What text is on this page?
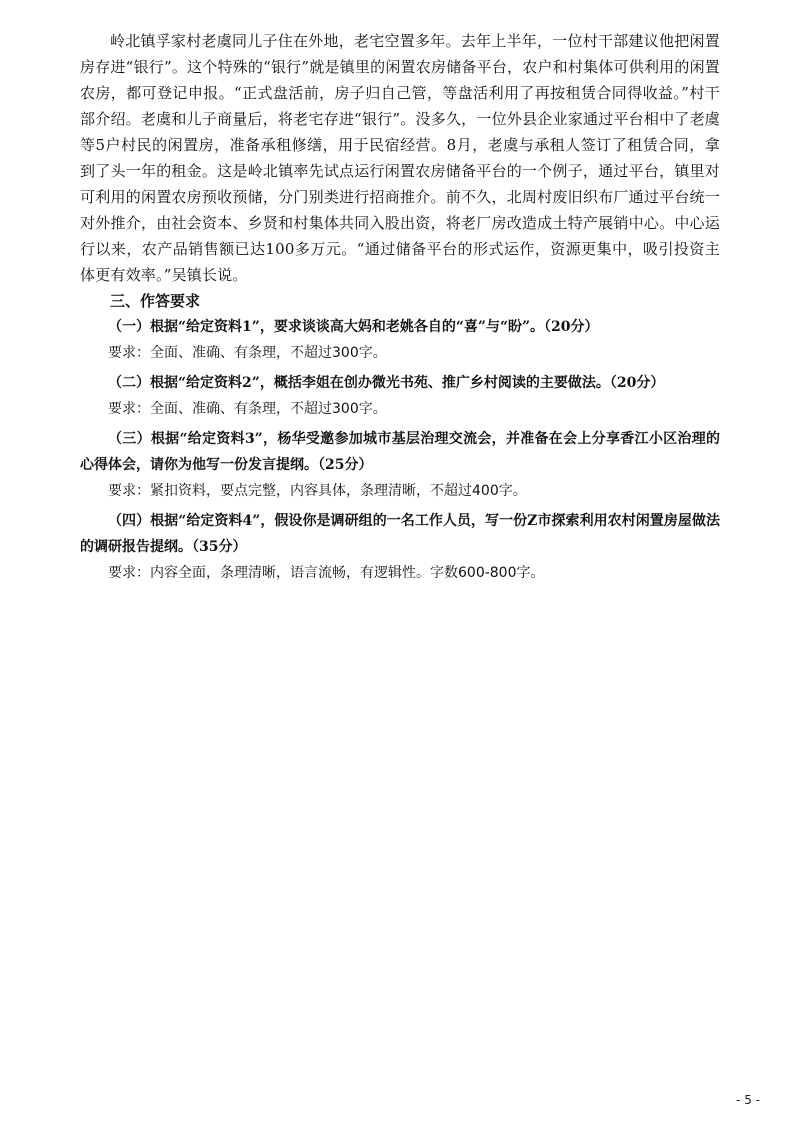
岭北镇孚家村老虞同儿子住在外地，老宅空置多年。去年上半年，一位村干部建议他把闲置房存进“银行”。这个特殊的“银行”就是镇里的闲置农房储备平台，农户和村集体可供利用的闲置农房，都可登记申报。“正式盘活前，房子归自己管，等盘活利用了再按租赁合同得收益。”村干部介绍。老虞和儿子商量后，将老宅存进“银行”。没多久，一位外县企业家通过平台相中了老虞等5户村民的闲置房，准备承租修缮，用于民宿经营。8月，老虞与承租人签订了租赁合同，拿到了头一年的租金。这是岭北镇率先试点运行闲置农房储备平台的一个例子，通过平台，镇里对可利用的闲置农房预收预储，分门别类进行招商推介。前不久，北周村废旧织布厂通过平台统一对外推介，由社会资本、乡贤和村集体共同入股出资，将老厂房改造成土特产展销中心。中心运行以来，农产品销售额已达100多万元。“通过储备平台的形式运作，资源更集中，吸引投资主体更有效率。”吴镇长说。

三、作答要求

（一）根据“给定资料1”，要求谈谈高大妈和老姚各自的“喜”与“盼”。（20分）

要求：全面、准确、有条理，不超过300字。

（二）根据“给定资料2”，概括李姐在创办微光书苑、推广乡村阅读的主要做法。（20分）

要求：全面、准确、有条理，不超过300字。

（三）根据“给定资料3”，杨华受邀参加城市基层治理交流会，并准备在会上分享香江小区治理的心得体会，请你为他写一份发言提纲。（25分）

要求：紧扣资料，要点完整，内容具体，条理清晰，不超过400字。

（四）根据“给定资料4”，假设你是调研组的一名工作人员，写一份Z市探索利用农村闲置房屋做法的调研报告提纲。（35分）

要求：内容全面，条理清晰，语言流畅，有逻辑性。字数600-800字。

- 5 -
